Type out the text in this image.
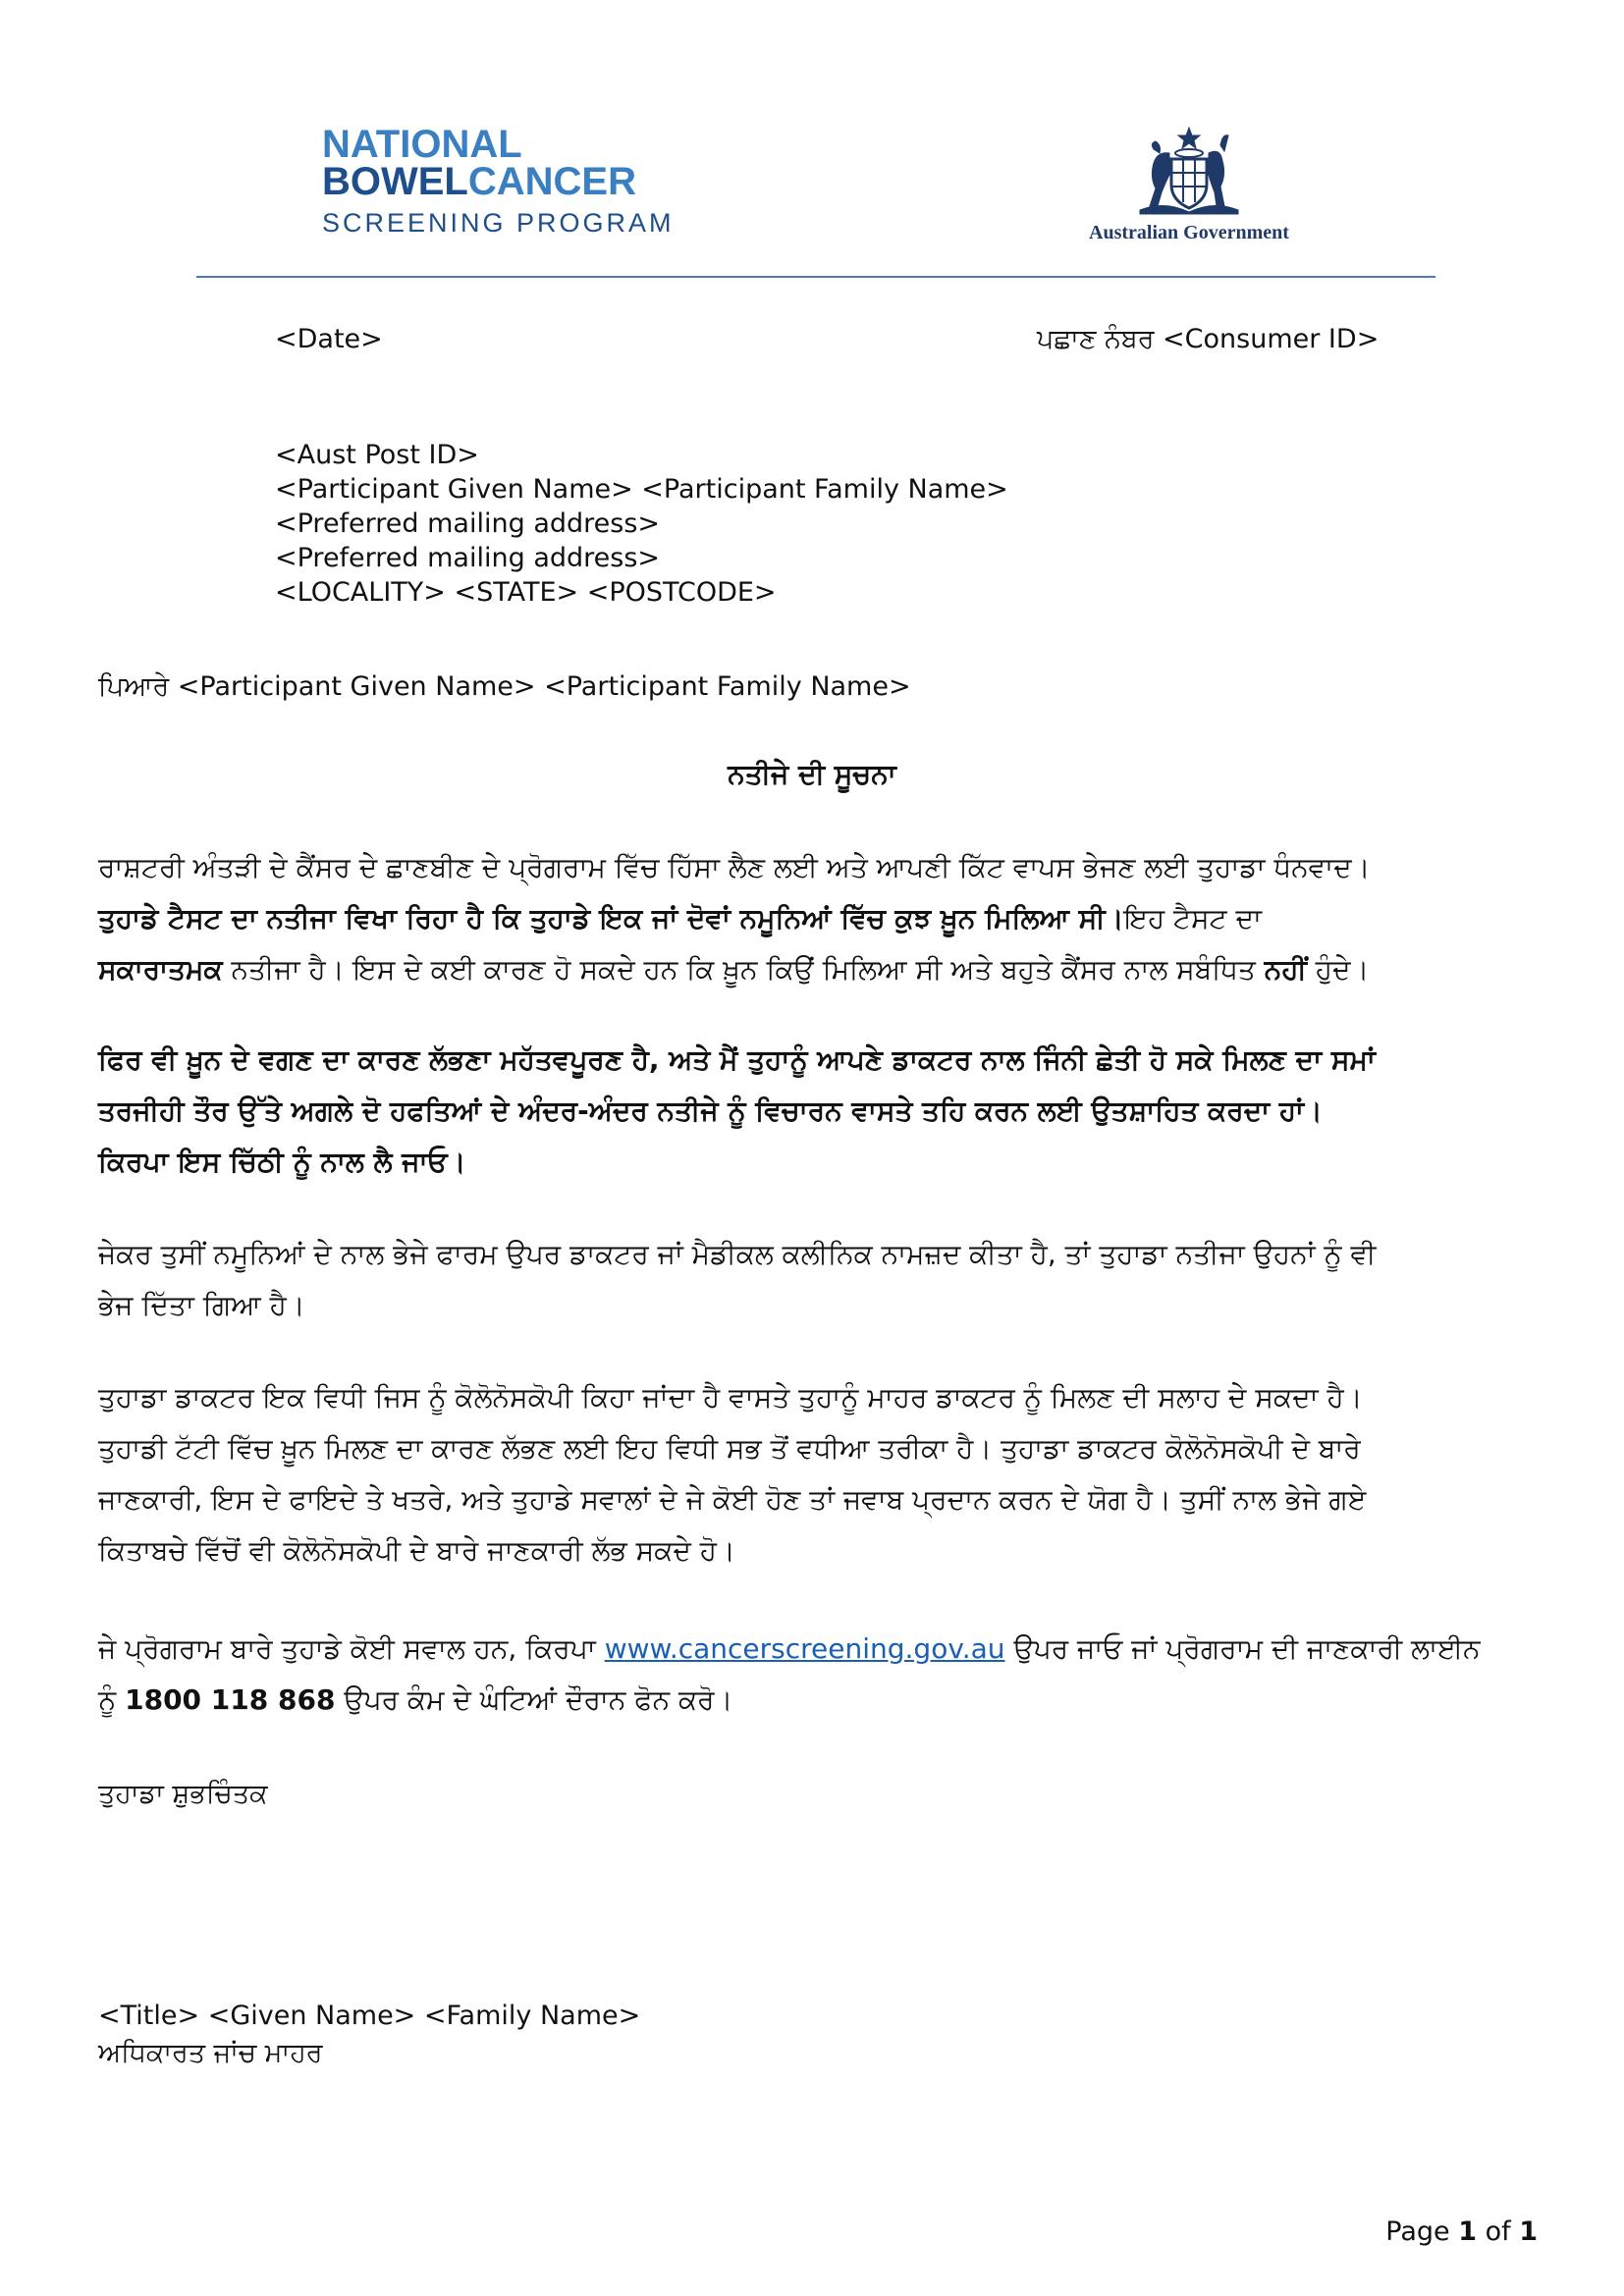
NATIONAL
BOWELCANCER
SCREENING PROGRAM	Australian Government
<Date>	ਪਛਾਣ ਨੰਬਰ <Consumer ID>
<Aust Post ID>
<Participant Given Name> <Participant Family Name>
<Preferred mailing address>
<Preferred mailing address>
<LOCALITY> <STATE> <POSTCODE>
ਪਿਆਰੇ <Participant Given Name> <Participant Family Name>
ਨਤੀਜੇ ਦੀ ਸੂਚਨਾ
ਰਾਸ਼ਟਰੀ ਅੰਤੜੀ ਦੇ ਕੈਂਸਰ ਦੇ ਛਾਣਬੀਣ ਦੇ ਪ੍ਰੋਗਰਾਮ ਵਿੱਚ ਹਿੱਸਾ ਲੈਣ ਲਈ ਅਤੇ ਆਪਣੀ ਕਿੱਟ ਵਾਪਸ ਭੇਜਣ ਲਈ ਤੁਹਾਡਾ ਧੰਨਵਾਦ।
ਤੁਹਾਡੇ ਟੈਸਟ ਦਾ ਨਤੀਜਾ ਵਿਖਾ ਰਿਹਾ ਹੈ ਕਿ ਤੁਹਾਡੇ ਇਕ ਜਾਂ ਦੋਵਾਂ ਨਮੂਨਿਆਂ ਵਿੱਚ ਕੁਝ ਖ਼ੂਨ ਮਿਲਿਆ ਸੀ।ਇਹ ਟੈਸਟ ਦਾ
ਸਕਾਰਾਤਮਕ ਨਤੀਜਾ ਹੈ। ਇਸ ਦੇ ਕਈ ਕਾਰਣ ਹੋ ਸਕਦੇ ਹਨ ਕਿ ਖ਼ੂਨ ਕਿਉਂ ਮਿਲਿਆ ਸੀ ਅਤੇ ਬਹੁਤੇ ਕੈਂਸਰ ਨਾਲ ਸਬੰਧਿਤ ਨਹੀਂ ਹੁੰਦੇ।
ਫਿਰ ਵੀ ਖ਼ੂਨ ਦੇ ਵਗਣ ਦਾ ਕਾਰਣ ਲੱਭਣਾ ਮਹੱਤਵਪੂਰਣ ਹੈ, ਅਤੇ ਮੈਂ ਤੁਹਾਨੂੰ ਆਪਣੇ ਡਾਕਟਰ ਨਾਲ ਜਿੰਨੀ ਛੇਤੀ ਹੋ ਸਕੇ ਮਿਲਣ ਦਾ ਸਮਾਂ
ਤਰਜੀਹੀ ਤੌਰ ਉੱਤੇ ਅਗਲੇ ਦੋ ਹਫਤਿਆਂ ਦੇ ਅੰਦਰ-ਅੰਦਰ ਨਤੀਜੇ ਨੂੰ ਵਿਚਾਰਨ ਵਾਸਤੇ ਤਹਿ ਕਰਨ ਲਈ ਉਤਸ਼ਾਹਿਤ ਕਰਦਾ ਹਾਂ।
ਕਿਰਪਾ ਇਸ ਚਿੱਠੀ ਨੂੰ ਨਾਲ ਲੈ ਜਾਓ।
ਜੇਕਰ ਤੁਸੀਂ ਨਮੂਨਿਆਂ ਦੇ ਨਾਲ ਭੇਜੇ ਫਾਰਮ ਉਪਰ ਡਾਕਟਰ ਜਾਂ ਮੈਡੀਕਲ ਕਲੀਨਿਕ ਨਾਮਜ਼ਦ ਕੀਤਾ ਹੈ, ਤਾਂ ਤੁਹਾਡਾ ਨਤੀਜਾ ਉਹਨਾਂ ਨੂੰ ਵੀ
ਭੇਜ ਦਿੱਤਾ ਗਿਆ ਹੈ।
ਤੁਹਾਡਾ ਡਾਕਟਰ ਇਕ ਵਿਧੀ ਜਿਸ ਨੂੰ ਕੋਲੋਨੋਸਕੋਪੀ ਕਿਹਾ ਜਾਂਦਾ ਹੈ ਵਾਸਤੇ ਤੁਹਾਨੂੰ ਮਾਹਰ ਡਾਕਟਰ ਨੂੰ ਮਿਲਣ ਦੀ ਸਲਾਹ ਦੇ ਸਕਦਾ ਹੈ।
ਤੁਹਾਡੀ ਟੱਟੀ ਵਿੱਚ ਖ਼ੂਨ ਮਿਲਣ ਦਾ ਕਾਰਣ ਲੱਭਣ ਲਈ ਇਹ ਵਿਧੀ ਸਭ ਤੋਂ ਵਧੀਆ ਤਰੀਕਾ ਹੈ। ਤੁਹਾਡਾ ਡਾਕਟਰ ਕੋਲੋਨੋਸਕੋਪੀ ਦੇ ਬਾਰੇ
ਜਾਣਕਾਰੀ, ਇਸ ਦੇ ਫਾਇਦੇ ਤੇ ਖਤਰੇ, ਅਤੇ ਤੁਹਾਡੇ ਸਵਾਲਾਂ ਦੇ ਜੇ ਕੋਈ ਹੋਣ ਤਾਂ ਜਵਾਬ ਪ੍ਰਦਾਨ ਕਰਨ ਦੇ ਯੋਗ ਹੈ। ਤੁਸੀਂ ਨਾਲ ਭੇਜੇ ਗਏ
ਕਿਤਾਬਚੇ ਵਿੱਚੋਂ ਵੀ ਕੋਲੋਨੋਸਕੋਪੀ ਦੇ ਬਾਰੇ ਜਾਣਕਾਰੀ ਲੱਭ ਸਕਦੇ ਹੋ।
ਜੇ ਪ੍ਰੋਗਰਾਮ ਬਾਰੇ ਤੁਹਾਡੇ ਕੋਈ ਸਵਾਲ ਹਨ, ਕਿਰਪਾ www.cancerscreening.gov.au ਉਪਰ ਜਾਓ ਜਾਂ ਪ੍ਰੋਗਰਾਮ ਦੀ ਜਾਣਕਾਰੀ ਲਾਈਨ
ਨੂੰ 1800 118 868 ਉਪਰ ਕੰਮ ਦੇ ਘੰਟਿਆਂ ਦੌਰਾਨ ਫੋਨ ਕਰੋ।
ਤੁਹਾਡਾ ਸ਼ੁਭਚਿੰਤਕ
<Title> <Given Name> <Family Name>
ਅਧਿਕਾਰਤ ਜਾਂਚ ਮਾਹਰ
Page 1 of 1
